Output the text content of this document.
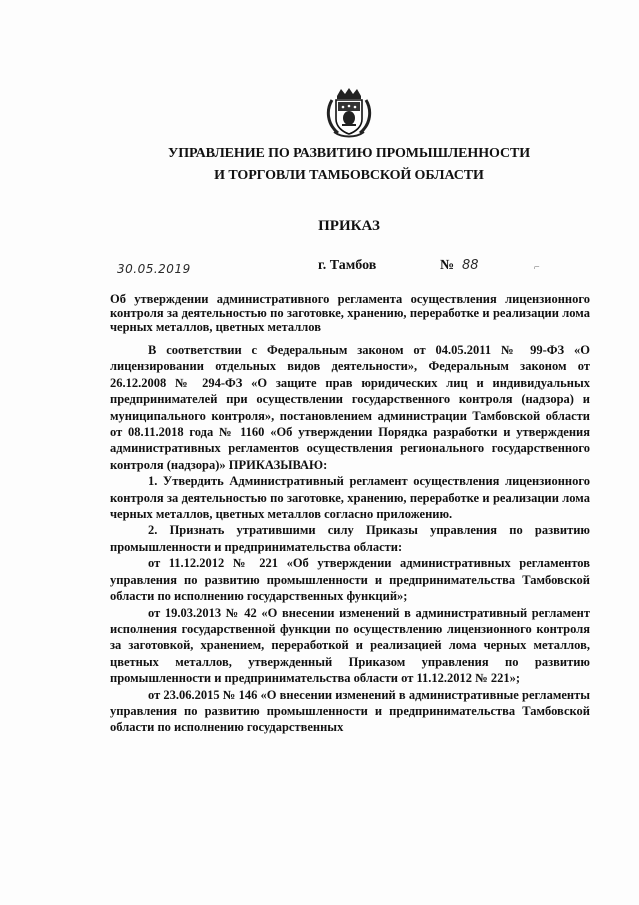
УПРАВЛЕНИЕ ПО РАЗВИТИЮ ПРОМЫШЛЕННОСТИ
И ТОРГОВЛИ ТАМБОВСКОЙ ОБЛАСТИ
ПРИКАЗ
30.05.2019	г. Тамбов	№ 88	⌐
Об утверждении административного регламента осуществления лицензионного контроля за деятельностью по заготовке, хранению, переработке и реализации лома черных металлов, цветных металлов

В соответствии с Федеральным законом от 04.05.2011 № 99-ФЗ «О лицензировании отдельных видов деятельности», Федеральным законом от 26.12.2008 № 294-ФЗ «О защите прав юридических лиц и индивидуальных предпринимателей при осуществлении государственного контроля (надзора) и муниципального контроля», постановлением администрации Тамбовской области от 08.11.2018 года № 1160 «Об утверждении Порядка разработки и утверждения административных регламентов осуществления регионального государственного контроля (надзора)» ПРИКАЗЫВАЮ:

1. Утвердить Административный регламент осуществления лицензионного контроля за деятельностью по заготовке, хранению, переработке и реализации лома черных металлов, цветных металлов согласно приложению.

2. Признать утратившими силу Приказы управления по развитию промышленности и предпринимательства области:

от 11.12.2012 № 221 «Об утверждении административных регламентов управления по развитию промышленности и предпринимательства Тамбовской области по исполнению государственных функций»;

от 19.03.2013 № 42 «О внесении изменений в административный регламент исполнения государственной функции по осуществлению лицензионного контроля за заготовкой, хранением, переработкой и реализацией лома черных металлов, цветных металлов, утвержденный Приказом управления по развитию промышленности и предпринимательства области от 11.12.2012 № 221»;

от 23.06.2015 № 146 «О внесении изменений в административные регламенты управления по развитию промышленности и предпринимательства Тамбовской области по исполнению государственных
